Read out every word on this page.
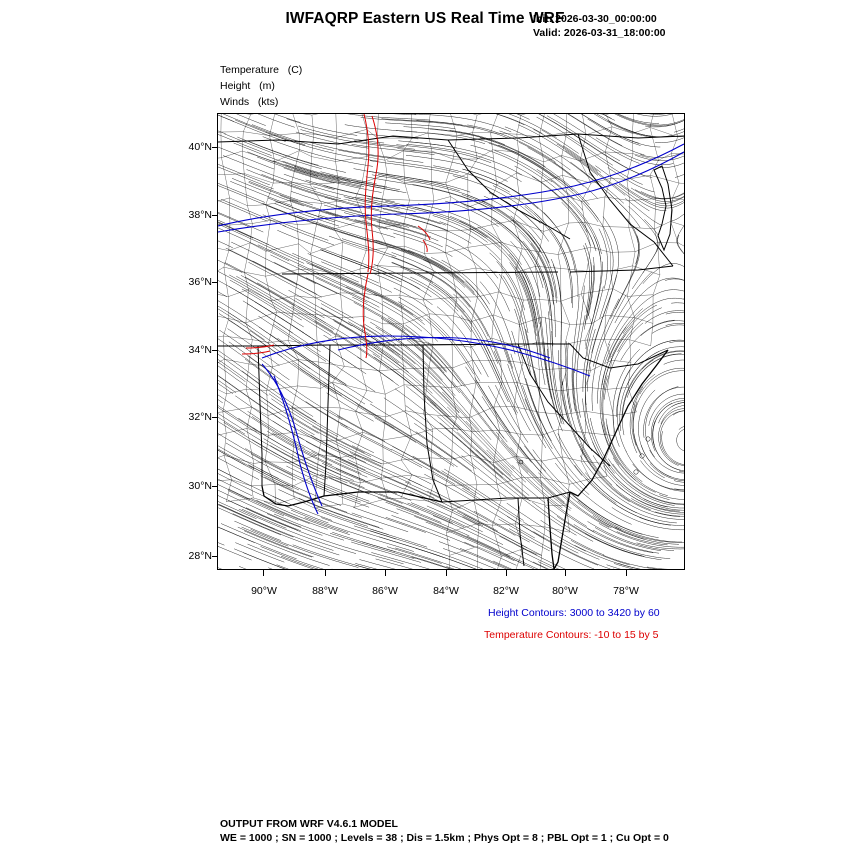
IWFAQRP Eastern US Real Time WRF
Init: 2026-03-30_00:00:00
Valid: 2026-03-31_18:00:00
Temperature   (C)
Height   (m)
Winds   (kts)
40°N
38°N
36°N
34°N
32°N
30°N
28°N
90°W	88°W	86°W	84°W	82°W	80°W	78°W
Height Contours: 3000 to 3420 by 60
Temperature Contours: -10 to 15 by 5
OUTPUT FROM WRF V4.6.1 MODEL
WE = 1000 ; SN = 1000 ; Levels = 38 ; Dis = 1.5km ; Phys Opt = 8 ; PBL Opt = 1 ; Cu Opt = 0
